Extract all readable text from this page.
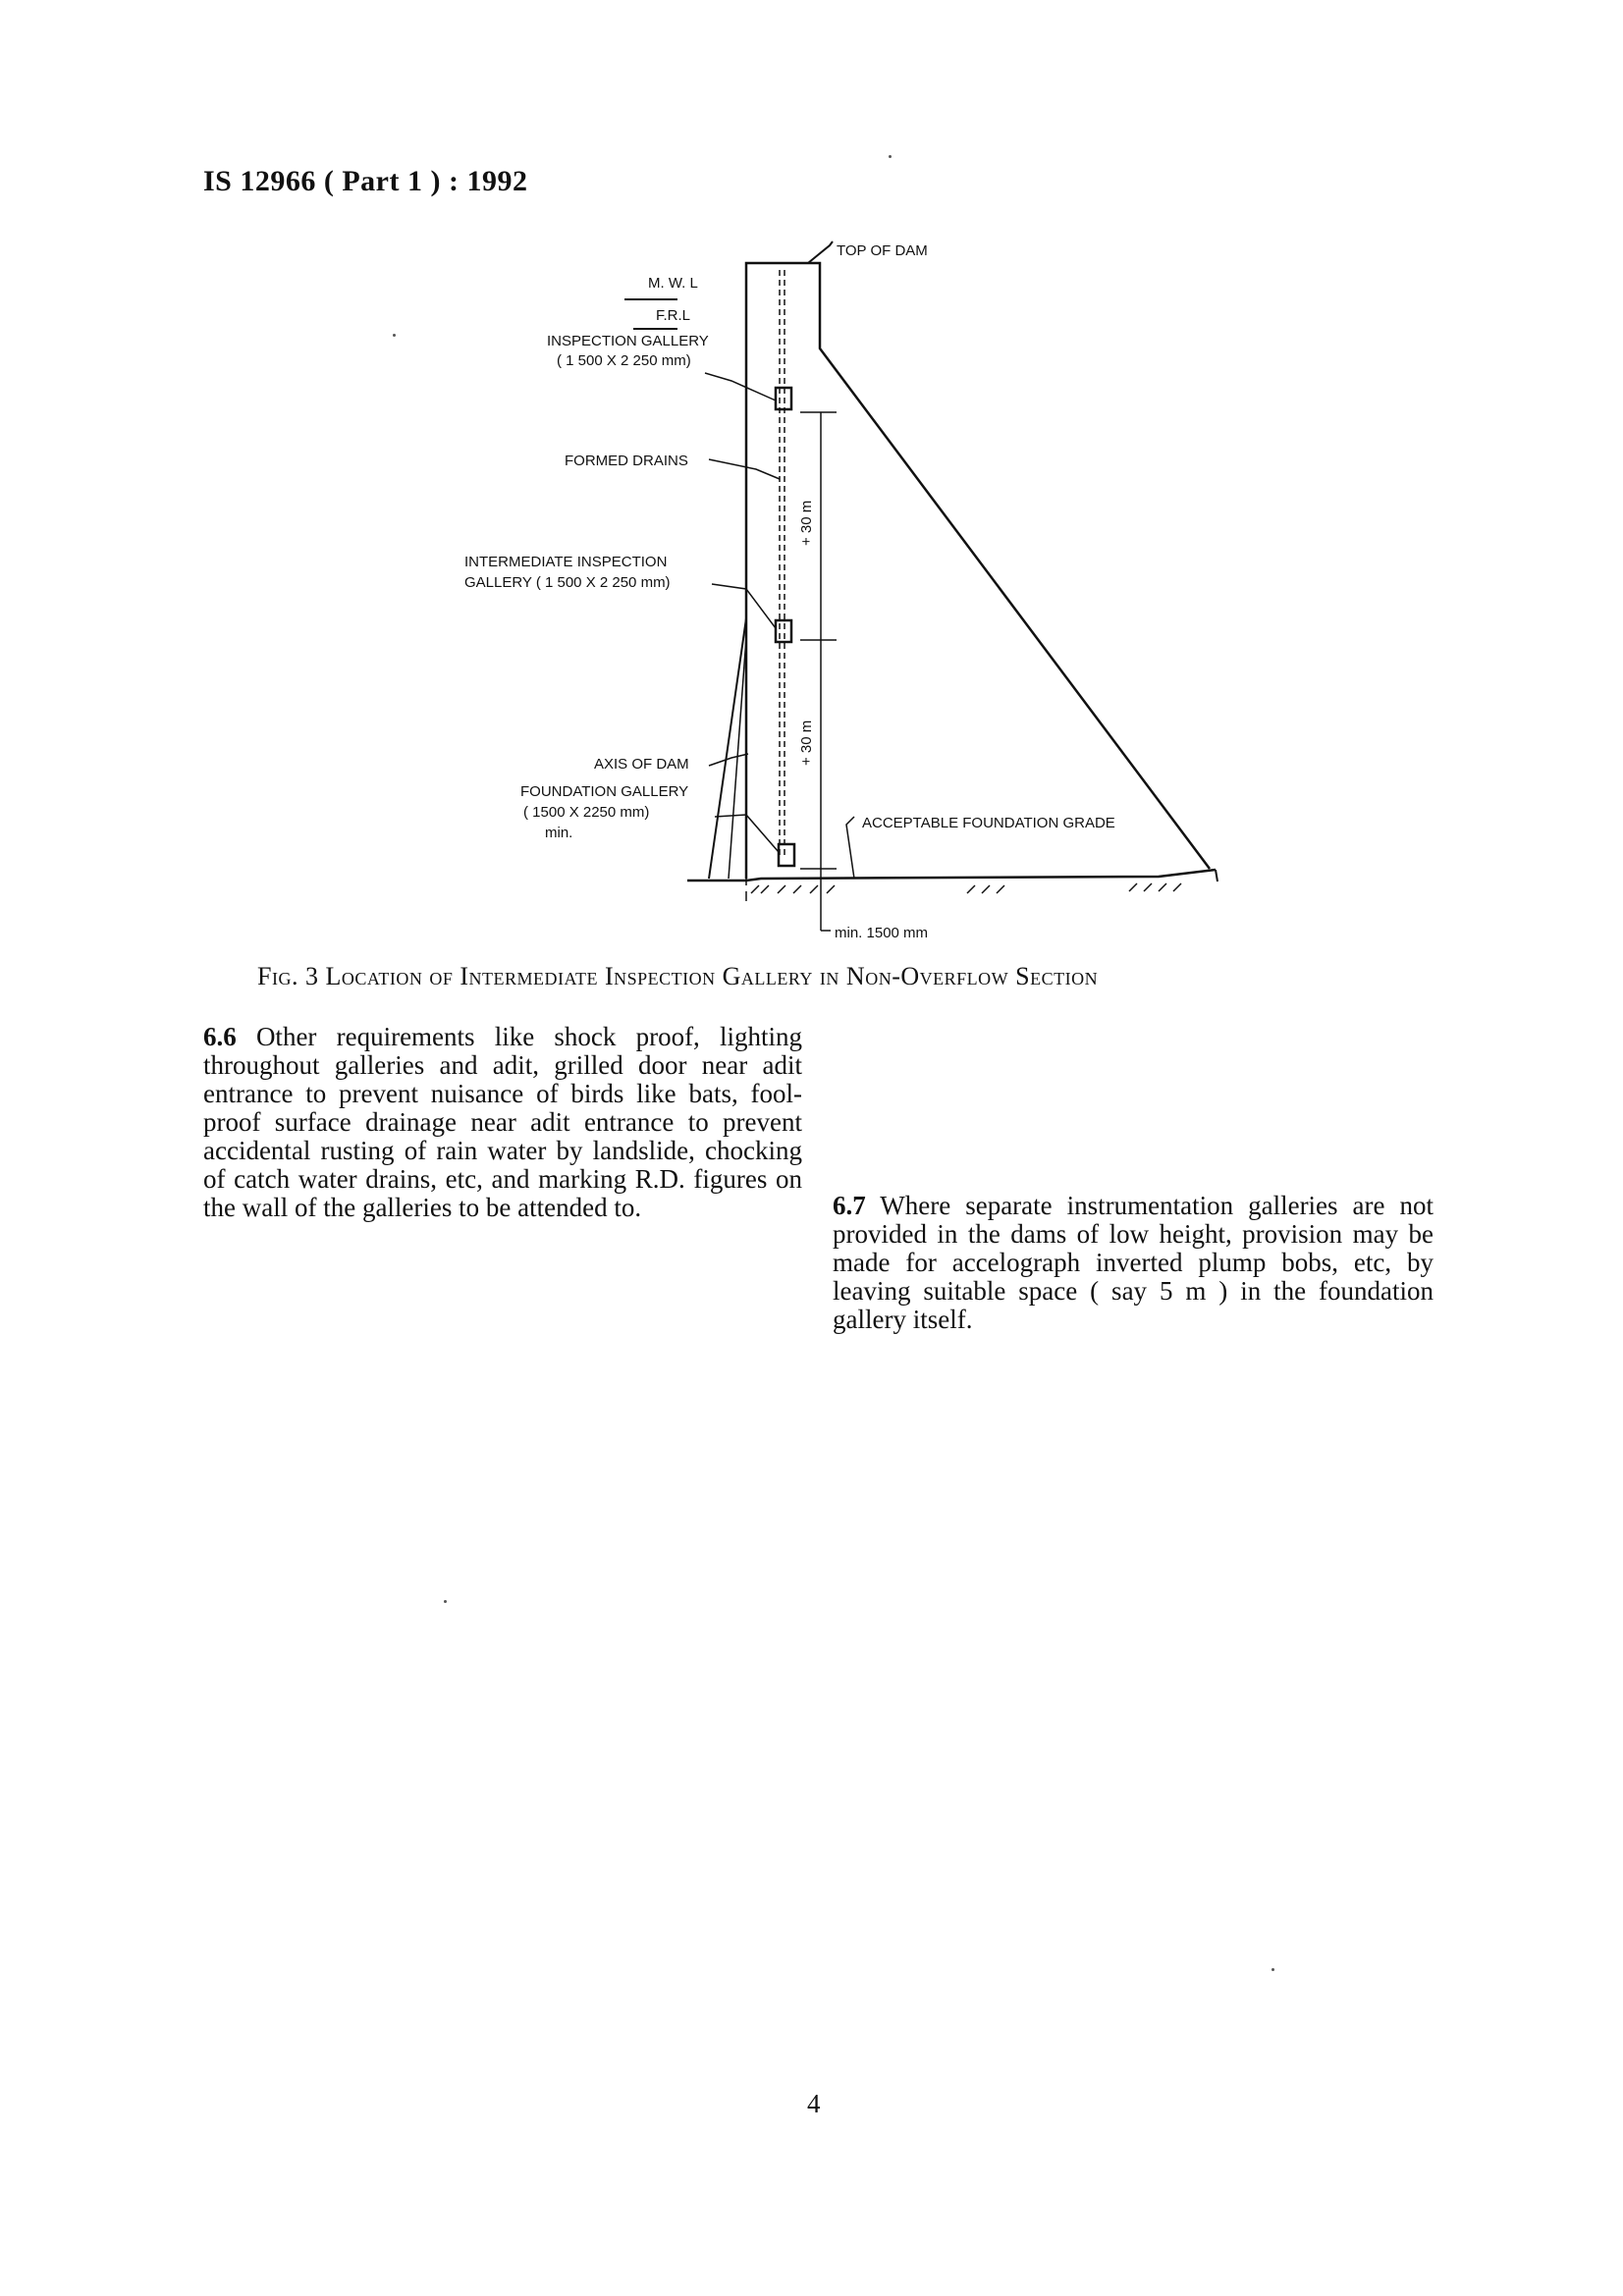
IS 12966 ( Part 1 ) : 1992
TOP OF DAM
M. W. L
F.R.L
INSPECTION GALLERY
( 1 500 X 2 250 mm)
FORMED DRAINS
INTERMEDIATE INSPECTION
GALLERY ( 1 500 X 2 250 mm)
AXIS OF DAM
FOUNDATION GALLERY
( 1500 X 2250 mm)
min.
+ 30 m
+ 30 m
ACCEPTABLE FOUNDATION GRADE
min. 1500 mm
Fig. 3 Location of Intermediate Inspection Gallery in Non-Overflow Section

6.6 Other requirements like shock proof, lighting throughout galleries and adit, grilled door near adit entrance to prevent nuisance of birds like bats, fool-proof surface drainage near adit entrance to prevent accidental rusting of rain water by landslide, chocking of catch water drains, etc, and marking R.D. figures on the wall of the galleries to be attended to.	6.7 Where separate instrumentation galleries are not provided in the dams of low height, provision may be made for accelograph inverted plump bobs, etc, by leaving suitable space ( say 5 m ) in the foundation gallery itself.

4
